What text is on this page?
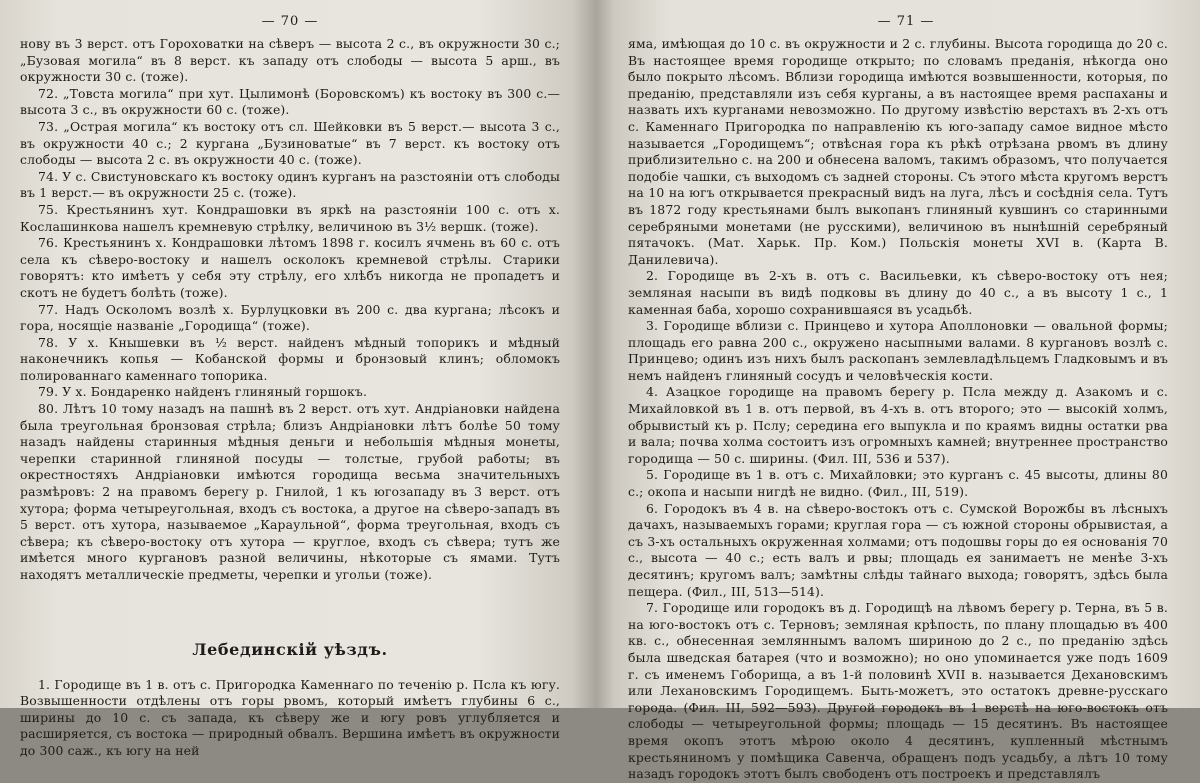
— 70 —

нову въ 3 верст. отъ Гороховатки на сѣверъ — высота 2 с., въ окружности 30 с.; „Бузовая могила“ въ 8 верст. къ западу отъ слободы — высота 5 арш., въ окружности 30 с. (тоже).

72. „Товста могила“ при хут. Цылимонѣ (Боровскомъ) къ востоку въ 300 с.— высота 3 с., въ окружности 60 с. (тоже).

73. „Острая могила“ къ востоку отъ сл. Шейковки въ 5 верст.— высота 3 с., въ окружности 40 с.; 2 кургана „Бузиноватые“ въ 7 верст. къ востоку отъ слободы — высота 2 с. въ окружности 40 с. (тоже).

74. У с. Свистуновскаго къ востоку одинъ курганъ на разстояніи отъ слободы въ 1 верст.— въ окружности 25 с. (тоже).

75. Крестьянинъ хут. Кондрашовки въ яркѣ на разстояніи 100 с. отъ х. Кослашинкова нашелъ кремневую стрѣлку, величиною въ 3½ вершк. (тоже).

76. Крестьянинъ х. Кондрашовки лѣтомъ 1898 г. косилъ ячмень въ 60 с. отъ села къ сѣверо-востоку и нашелъ осколокъ кремневой стрѣлы. Старики говорятъ: кто имѣетъ у себя эту стрѣлу, его хлѣбъ никогда не пропадетъ и скотъ не будетъ болѣть (тоже).

77. Надъ Осколомъ возлѣ х. Бурлуцковки въ 200 с. два кургана; лѣсокъ и гора, носящіе названіе „Городища“ (тоже).

78. У х. Кнышевки въ ½ верст. найденъ мѣдный топорикъ и мѣдный наконечникъ копья — Кобанской формы и бронзовый клинъ; обломокъ полированнаго каменнаго топорика.

79. У х. Бондаренко найденъ глиняный горшокъ.

80. Лѣтъ 10 тому назадъ на пашнѣ въ 2 верст. отъ хут. Андріановки найдена была треугольная бронзовая стрѣла; близъ Андріановки лѣтъ болѣе 50 тому назадъ найдены старинныя мѣдныя деньги и небольшія мѣдныя монеты, черепки старинной глиняной посуды — толстые, грубой работы; въ окрестностяхъ Андріановки имѣются городища весьма значительныхъ размѣровъ: 2 на правомъ берегу р. Гнилой, 1 къ югозападу въ 3 верст. отъ хутора; форма четыреугольная, входъ съ востока, а другое на сѣверо-западъ въ 5 верст. отъ хутора, называемое „Караульной“, форма треугольная, входъ съ сѣвера; къ сѣверо-востоку отъ хутора — круглое, входъ съ сѣвера; тутъ же имѣется много кургановъ разной величины, нѣкоторые съ ямами. Тутъ находятъ металлическіе предметы, черепки и угольи (тоже).

Лебединскій уѣздъ.

1. Городище въ 1 в. отъ с. Пригородка Каменнаго по теченію р. Псла къ югу. Возвышенности отдѣлены отъ горы рвомъ, который имѣетъ глубины 6 с., ширины до 10 с. съ запада, къ сѣверу же и югу ровъ углубляется и расширяется, съ востока — природный обвалъ. Вершина имѣетъ въ окружности до 300 саж., къ югу на ней

— 71 —

яма, имѣющая до 10 с. въ окружности и 2 с. глубины. Высота городища до 20 с. Въ настоящее время городище открыто; по словамъ преданія, нѣкогда оно было покрыто лѣсомъ. Вблизи городища имѣются возвышенности, которыя, по преданію, представляли изъ себя курганы, а въ настоящее время распаханы и назвать ихъ курганами невозможно. По другому извѣстію верстахъ въ 2-хъ отъ с. Каменнаго Пригородка по направленію къ юго-западу самое видное мѣсто называется „Городищемъ“; отвѣсная гора къ рѣкѣ отрѣзана рвомъ въ длину приблизительно с. на 200 и обнесена валомъ, такимъ образомъ, что получается подобіе чашки, съ выходомъ съ задней стороны. Съ этого мѣста кругомъ верстъ на 10 на югъ открывается прекрасный видъ на луга, лѣсъ и сосѣднія села. Тутъ въ 1872 году крестьянами былъ выкопанъ глиняный кувшинъ со старинными серебряными монетами (не русскими), величиною въ нынѣшній серебряный пятачокъ. (Мат. Харьк. Пр. Ком.) Польскія монеты XVI в. (Карта В. Данилевича).

2. Городище въ 2-хъ в. отъ с. Васильевки, къ сѣверо-востоку отъ нея; земляная насыпи въ видѣ подковы въ длину до 40 с., а въ высоту 1 с., 1 каменная баба, хорошо сохранившаяся въ усадьбѣ.

3. Городище вблизи с. Принцево и хутора Аполлоновки — овальной формы; площадь его равна 200 с., окружено насыпными валами. 8 кургановъ возлѣ с. Принцево; одинъ изъ нихъ былъ раскопанъ землевладѣльцемъ Гладковымъ и въ немъ найденъ глиняный сосудъ и человѣческія кости.

4. Азацкое городище на правомъ берегу р. Псла между д. Азакомъ и с. Михайловкой въ 1 в. отъ первой, въ 4-хъ в. отъ второго; это — высокій холмъ, обрывистый къ р. Пслу; середина его выпукла и по краямъ видны остатки рва и вала; почва холма состоитъ изъ огромныхъ камней; внутреннее пространство городища — 50 с. ширины. (Фил. III, 536 и 537).

5. Городище въ 1 в. отъ с. Михайловки; это курганъ с. 45 высоты, длины 80 с.; окопа и насыпи нигдѣ не видно. (Фил., III, 519).

6. Городокъ въ 4 в. на сѣверо-востокъ отъ с. Сумской Ворожбы въ лѣсныхъ дачахъ, называемыхъ горами; круглая гора — съ южной стороны обрывистая, а съ 3-хъ остальныхъ окруженная холмами; отъ подошвы горы до ея основанія 70 с., высота — 40 с.; есть валъ и рвы; площадь ея занимаетъ не менѣе 3-хъ десятинъ; кругомъ валъ; замѣтны слѣды тайнаго выхода; говорятъ, здѣсь была пещера. (Фил., III, 513—514).

7. Городище или городокъ въ д. Городищѣ на лѣвомъ берегу р. Терна, въ 5 в. на юго-востокъ отъ с. Терновъ; земляная крѣпость, по плану площадью въ 400 кв. с., обнесенная земляннымъ валомъ шириною до 2 с., по преданію здѣсь была шведская батарея (что и возможно); но оно упоминается уже подъ 1609 г. съ именемъ Гоборища, а въ 1-й половинѣ XVII в. называется Дехановскимъ или Лехановскимъ Городищемъ. Быть-можетъ, это остатокъ древне-русскаго города. (Фил. III, 592—593). Другой городокъ въ 1 верстѣ на юго-востокъ отъ слободы — четыреугольной формы; площадь — 15 десятинъ. Въ настоящее время окопъ этотъ мѣрою около 4 десятинъ, купленный мѣстнымъ крестьяниномъ у помѣщика Савенча, обращенъ подъ усадьбу, а лѣтъ 10 тому назадъ городокъ этотъ былъ свободенъ отъ построекъ и представлялъ
